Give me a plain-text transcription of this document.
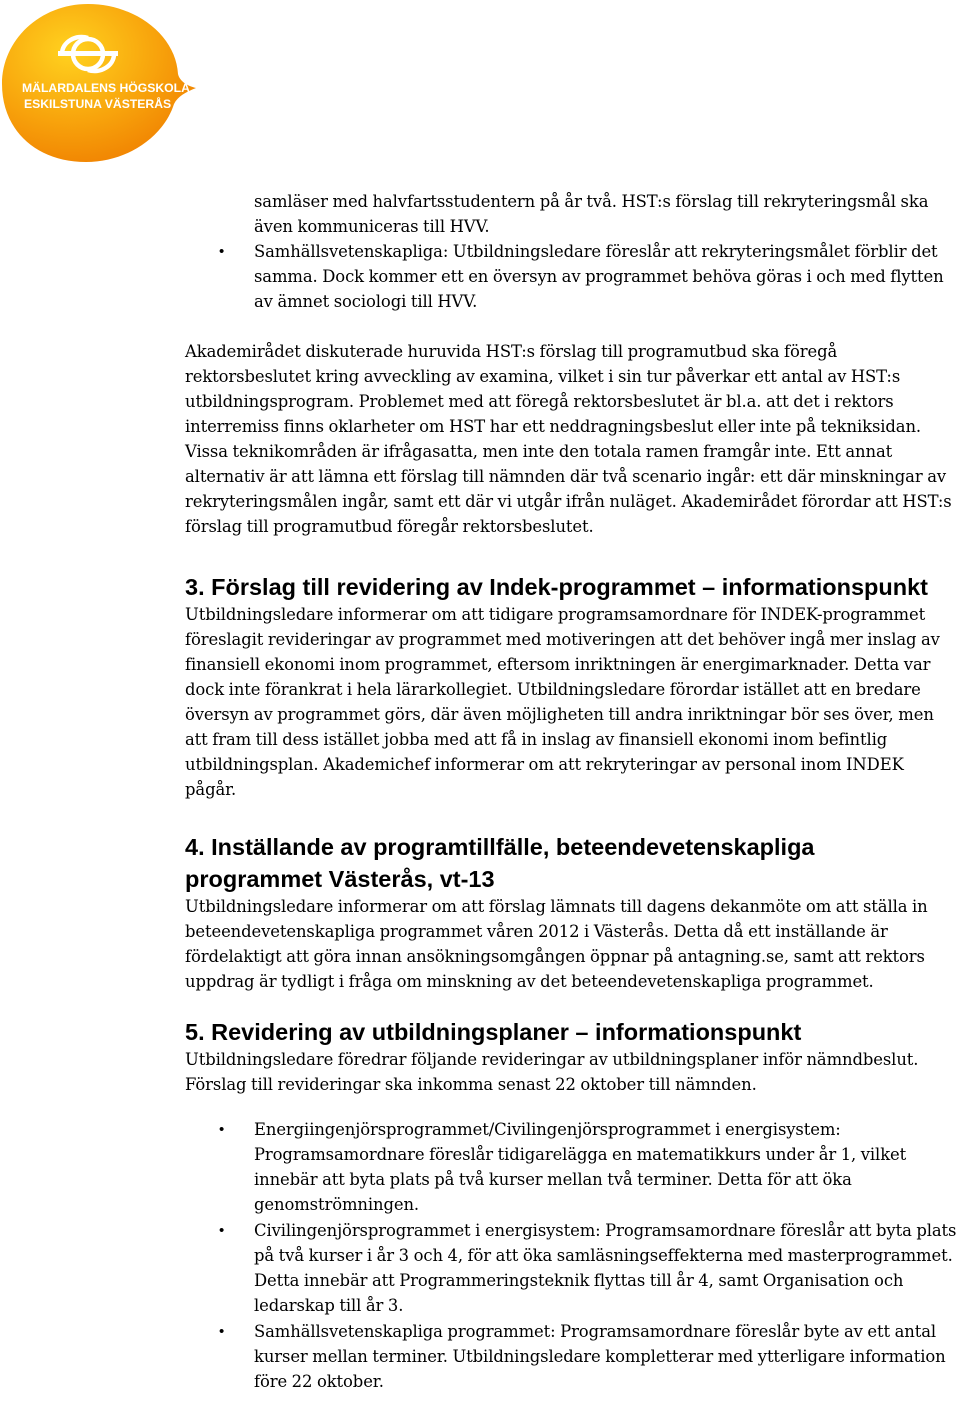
MÄLARDALENS HÖGSKOLA
ESKILSTUNA VÄSTERÅS
samläser med halvfartsstudentern på år två. HST:s förslag till rekryteringsmål ska även kommuniceras till HVV.
• Samhällsvetenskapliga: Utbildningsledare föreslår att rekryteringsmålet förblir det samma. Dock kommer ett en översyn av programmet behöva göras i och med flytten av ämnet sociologi till HVV.

Akademirådet diskuterade huruvida HST:s förslag till programutbud ska föregå rektorsbeslutet kring avveckling av examina, vilket i sin tur påverkar ett antal av HST:s utbildningsprogram. Problemet med att föregå rektorsbeslutet är bl.a. att det i rektors interremiss finns oklarheter om HST har ett neddragningsbeslut eller inte på tekniksidan. Vissa teknikområden är ifrågasatta, men inte den totala ramen framgår inte. Ett annat alternativ är att lämna ett förslag till nämnden där två scenario ingår: ett där minskningar av rekryteringsmålen ingår, samt ett där vi utgår ifrån nuläget. Akademirådet förordar att HST:s förslag till programutbud föregår rektorsbeslutet.

3. Förslag till revidering av Indek-programmet – informationspunkt

Utbildningsledare informerar om att tidigare programsamordnare för INDEK-programmet föreslagit revideringar av programmet med motiveringen att det behöver ingå mer inslag av finansiell ekonomi inom programmet, eftersom inriktningen är energimarknader. Detta var dock inte förankrat i hela lärarkollegiet. Utbildningsledare förordar istället att en bredare översyn av programmet görs, där även möjligheten till andra inriktningar bör ses över, men att fram till dess istället jobba med att få in inslag av finansiell ekonomi inom befintlig utbildningsplan. Akademichef informerar om att rekryteringar av personal inom INDEK pågår.

4. Inställande av programtillfälle, beteendevetenskapliga programmet Västerås, vt-13

Utbildningsledare informerar om att förslag lämnats till dagens dekanmöte om att ställa in beteendevetenskapliga programmet våren 2012 i Västerås. Detta då ett inställande är fördelaktigt att göra innan ansökningsomgången öppnar på antagning.se, samt att rektors uppdrag är tydligt i fråga om minskning av det beteendevetenskapliga programmet.

5. Revidering av utbildningsplaner – informationspunkt

Utbildningsledare föredrar följande revideringar av utbildningsplaner inför nämndbeslut. Förslag till revideringar ska inkomma senast 22 oktober till nämnden.

• Energiingenjörsprogrammet/Civilingenjörsprogrammet i energisystem: Programsamordnare föreslår tidigarelägga en matematikkurs under år 1, vilket innebär att byta plats på två kurser mellan två terminer. Detta för att öka genomströmningen.
• Civilingenjörsprogrammet i energisystem: Programsamordnare föreslår att byta plats på två kurser i år 3 och 4, för att öka samläsningseffekterna med masterprogrammet. Detta innebär att Programmeringsteknik flyttas till år 4, samt Organisation och ledarskap till år 3.
• Samhällsvetenskapliga programmet: Programsamordnare föreslår byte av ett antal kurser mellan terminer. Utbildningsledare kompletterar med ytterligare information före 22 oktober.
